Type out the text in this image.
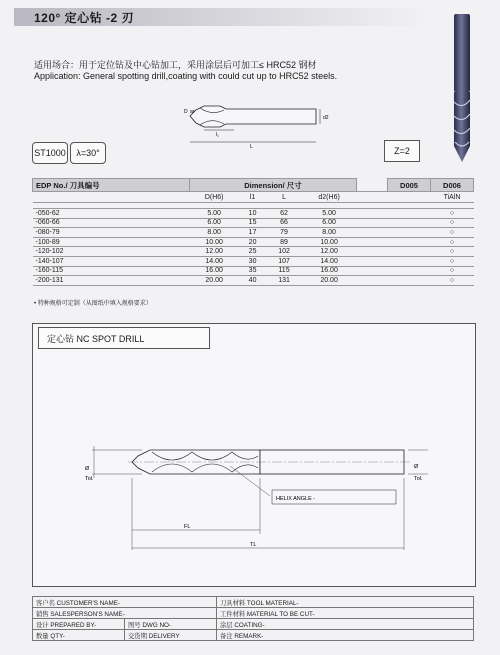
120° 定心钻 -2 刃
适用场合：用于定位钻及中心钻加工，采用涂层后可加工≤ HRC52 钢材
Application: General spotting drill,coating with could cut up to HRC52 steels.
D ar
d2
l₁
L
ST1000	λ=30°	Z=2
EDP No./ 刀具编号	Dimension/ 尺寸					D005	D006
	D(H6)	l1	L	d2(H6)			TiAlN

-050-62	5.00	10	62	5.00			○
-060-66	6.00	15	66	6.00			○
-080-79	8.00	17	79	8.00			○
-100-89	10.00	20	89	10.00			○
-120-102	12.00	25	102	12.00			○
-140-107	14.00	30	107	14.00			○
-160-115	16.00	35	115	16.00			○
-200-131	20.00	40	131	20.00			○
• 特种规格可定制（从图纸中填入规格要求）
定心钻 NC SPOT DRILL
Ø
Tol.
Ø
Tol.
HELIX ANGLE -
FL
TL
客户名 CUSTOMER'S NAME-		刀具材料 TOOL MATERIAL-
销售 SALESPERSON'S NAME-		工件材料 MATERIAL TO BE CUT-
设计 PREPARED BY-	图号 DWG NO-	涂层 COATING-
数量 QTY-	交货期 DELIVERY	备注 REMARK-
